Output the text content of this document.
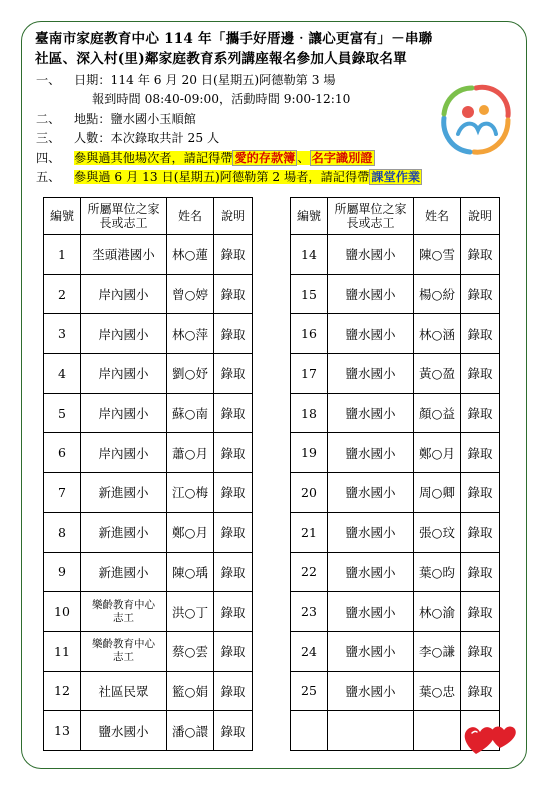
臺南市家庭教育中心 114 年「攜手好厝邊‧讓心更富有」－串聯
社區、深入村(里)鄰家庭教育系列講座報名參加人員錄取名單
一、 日期：114 年 6 月 20 日(星期五)阿德勒第 3 場
報到時間 08:40-09:00，活動時間 9:00-12:10
二、 地點：鹽水國小玉順館
三、 人數：本次錄取共計 25 人
四、 參與過其他場次者，請記得帶 愛的存款簿 、 名字識別證
五、 參與過 6 月 13 日(星期五)阿德勒第 2 場者，請記得帶 課堂作業
編號	所屬單位之家長或志工	姓名	說明
1	坔頭港國小	林○蓮	錄取
2	岸內國小	曾○婷	錄取
3	岸內國小	林○萍	錄取
4	岸內國小	劉○妤	錄取
5	岸內國小	蘇○南	錄取
6	岸內國小	蕭○月	錄取
7	新進國小	江○梅	錄取
8	新進國小	鄭○月	錄取
9	新進國小	陳○瑀	錄取
10	樂齡教育中心志工	洪○丁	錄取
11	樂齡教育中心志工	蔡○雲	錄取
12	社區民眾	籃○娟	錄取
13	鹽水國小	潘○譞	錄取
編號	所屬單位之家長或志工	姓名	說明
14	鹽水國小	陳○雪	錄取
15	鹽水國小	楊○紛	錄取
16	鹽水國小	林○涵	錄取
17	鹽水國小	黃○盈	錄取
18	鹽水國小	顏○益	錄取
19	鹽水國小	鄭○月	錄取
20	鹽水國小	周○卿	錄取
21	鹽水國小	張○玟	錄取
22	鹽水國小	葉○昀	錄取
23	鹽水國小	林○渝	錄取
24	鹽水國小	李○謙	錄取
25	鹽水國小	葉○忠	錄取
